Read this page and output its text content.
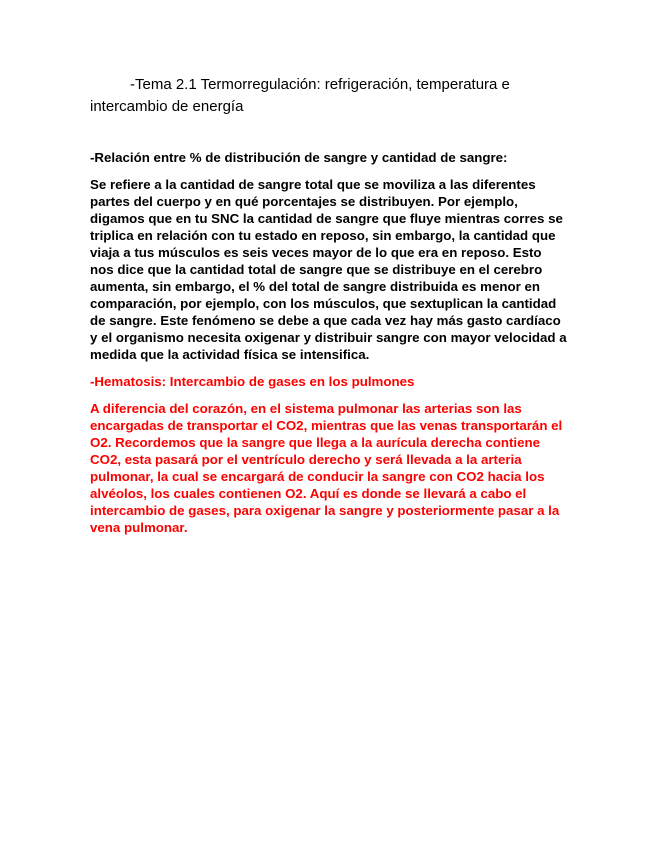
-Tema 2.1 Termorregulación: refrigeración, temperatura e intercambio de energía

-Relación entre % de distribución de sangre y cantidad de sangre:

Se refiere a la cantidad de sangre total que se moviliza a las diferentes partes del cuerpo y en qué porcentajes se distribuyen. Por ejemplo, digamos que en tu SNC la cantidad de sangre que fluye mientras corres se triplica en relación con tu estado en reposo, sin embargo, la cantidad que viaja a tus músculos es seis veces mayor de lo que era en reposo. Esto nos dice que la cantidad total de sangre que se distribuye en el cerebro aumenta, sin embargo, el % del total de sangre distribuida es menor en comparación, por ejemplo, con los músculos, que sextuplican la cantidad de sangre. Este fenómeno se debe a que cada vez hay más gasto cardíaco y el organismo necesita oxigenar y distribuir sangre con mayor velocidad a medida que la actividad física se intensifica.

-Hematosis: Intercambio de gases en los pulmones

A diferencia del corazón, en el sistema pulmonar las arterias son las encargadas de transportar el CO2, mientras que las venas transportarán el O2. Recordemos que la sangre que llega a la aurícula derecha contiene CO2, esta pasará por el ventrículo derecho y será llevada a la arteria pulmonar, la cual se encargará de conducir la sangre con CO2 hacia los alvéolos, los cuales contienen O2. Aquí es donde se llevará a cabo el intercambio de gases, para oxigenar la sangre y posteriormente pasar a la vena pulmonar.
